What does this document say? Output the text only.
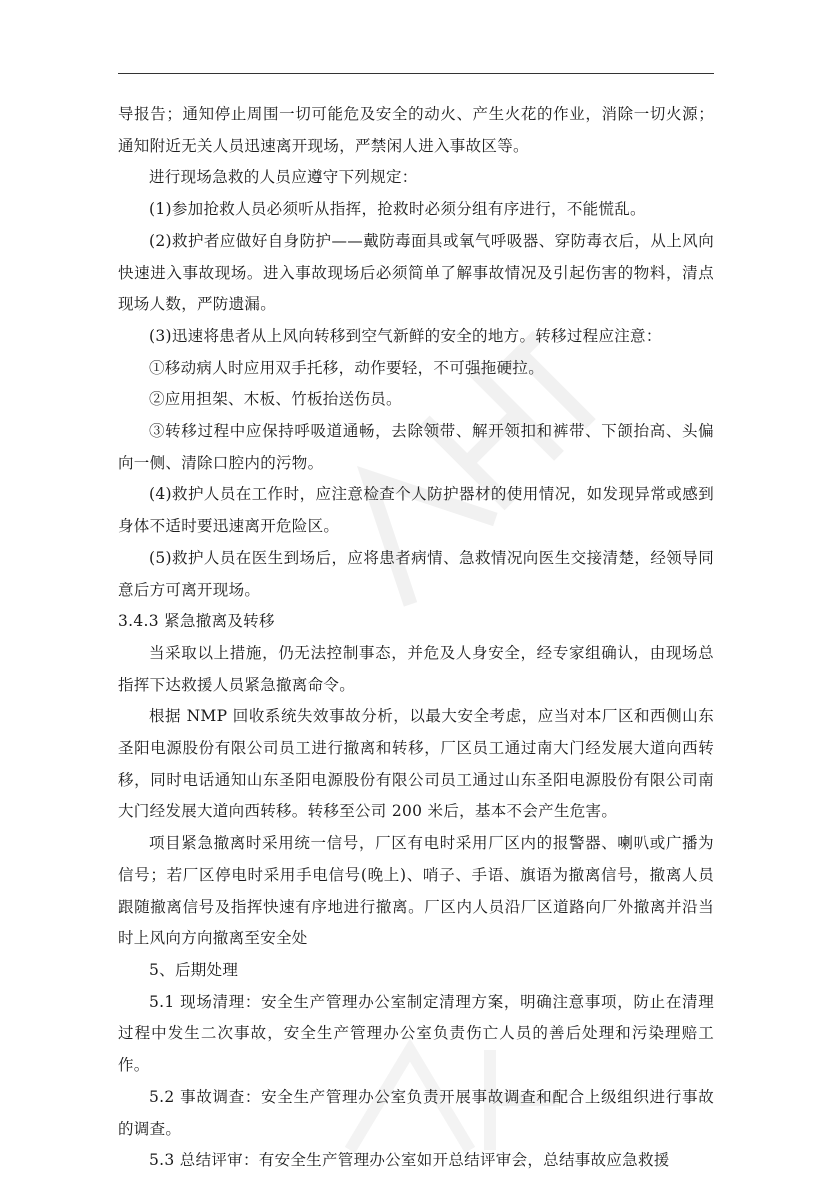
导报告；通知停止周围一切可能危及安全的动火、产生火花的作业，消除一切火源；通知附近无关人员迅速离开现场，严禁闲人进入事故区等。

进行现场急救的人员应遵守下列规定：

(1)参加抢救人员必须听从指挥，抢救时必须分组有序进行，不能慌乱。

(2)救护者应做好自身防护——戴防毒面具或氧气呼吸器、穿防毒衣后，从上风向快速进入事故现场。进入事故现场后必须简单了解事故情况及引起伤害的物料，清点现场人数，严防遗漏。

(3)迅速将患者从上风向转移到空气新鲜的安全的地方。转移过程应注意：

①移动病人时应用双手托移，动作要轻，不可强拖硬拉。

②应用担架、木板、竹板抬送伤员。

③转移过程中应保持呼吸道通畅，去除领带、解开领扣和裤带、下颌抬高、头偏向一侧、清除口腔内的污物。

(4)救护人员在工作时，应注意检查个人防护器材的使用情况，如发现异常或感到身体不适时要迅速离开危险区。

(5)救护人员在医生到场后，应将患者病情、急救情况向医生交接清楚，经领导同意后方可离开现场。

3.4.3 紧急撤离及转移

当采取以上措施，仍无法控制事态，并危及人身安全，经专家组确认，由现场总指挥下达救援人员紧急撤离命令。

根据 NMP 回收系统失效事故分析，以最大安全考虑，应当对本厂区和西侧山东圣阳电源股份有限公司员工进行撤离和转移，厂区员工通过南大门经发展大道向西转移，同时电话通知山东圣阳电源股份有限公司员工通过山东圣阳电源股份有限公司南大门经发展大道向西转移。转移至公司 200 米后，基本不会产生危害。

项目紧急撤离时采用统一信号，厂区有电时采用厂区内的报警器、喇叭或广播为信号；若厂区停电时采用手电信号(晚上)、哨子、手语、旗语为撤离信号，撤离人员跟随撤离信号及指挥快速有序地进行撤离。厂区内人员沿厂区道路向厂外撤离并沿当时上风向方向撤离至安全处

5、后期处理

5.1 现场清理：安全生产管理办公室制定清理方案，明确注意事项，防止在清理过程中发生二次事故，安全生产管理办公室负责伤亡人员的善后处理和污染理赔工作。

5.2 事故调查：安全生产管理办公室负责开展事故调查和配合上级组织进行事故的调查。

5.3 总结评审：有安全生产管理办公室如开总结评审会，总结事故应急救援
